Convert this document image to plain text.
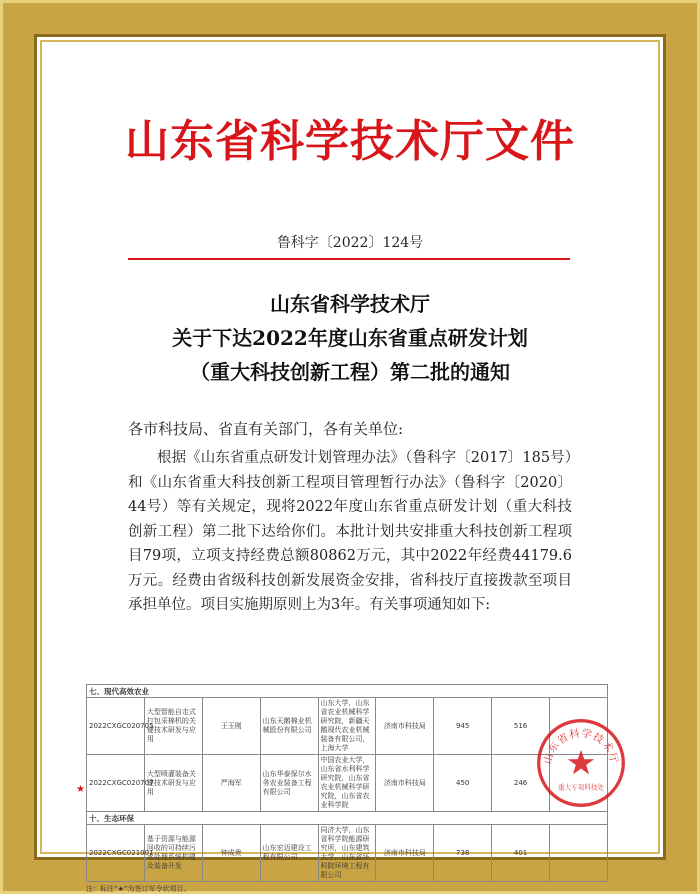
山东省科学技术厅文件
鲁科字〔2022〕124号
山东省科学技术厅
关于下达2022年度山东省重点研发计划
（重大科技创新工程）第二批的通知
各市科技局、省直有关部门，各有关单位:
根据《山东省重点研发计划管理办法》（鲁科字〔2017〕185号）和《山东省重大科技创新工程项目管理暂行办法》（鲁科字〔2020〕44号）等有关规定，现将2022年度山东省重点研发计划（重大科技创新工程）第二批下达给你们。本批计划共安排重大科技创新工程项目79项，立项支持经费总额80862万元，其中2022年经费44179.6万元。经费由省级科技创新发展资金安排，省科技厅直接拨款至项目承担单位。项目实施期原则上为3年。有关事项通知如下:
★
七、现代高效农业								
2022CXGC020705	大型智能自走式打包采棉机的关键技术研发与应用	王玉刚	山东天鹅棉业机械股份有限公司	山东大学，山东省农业机械科学研究院，新疆天鹅现代农业机械装备有限公司，上海大学	济南市科技局	945	516	
2022CXGC020707	大型喷灌装备关键技术研发与应用	严海军	山东华泰保尔水务农业装备工程有限公司	中国农业大学，山东省水利科学研究院，山东省农业机械科学研究院，山东省农业科学院	济南市科技局	450	246	
十、生态环保								
2022CXGC021001	基于资源与能源回收的可持续污水处理系统构建及装备开发	钟成贵	山东宏迈建设工程有限公司	同济大学，山东省科学院能源研究所，山东建筑大学，山东省环科院环境工程有限公司	济南市科技局	738	401	
注：标注“★”为签订军令状项目。
山东省科学技术厅
重大专项科技处
